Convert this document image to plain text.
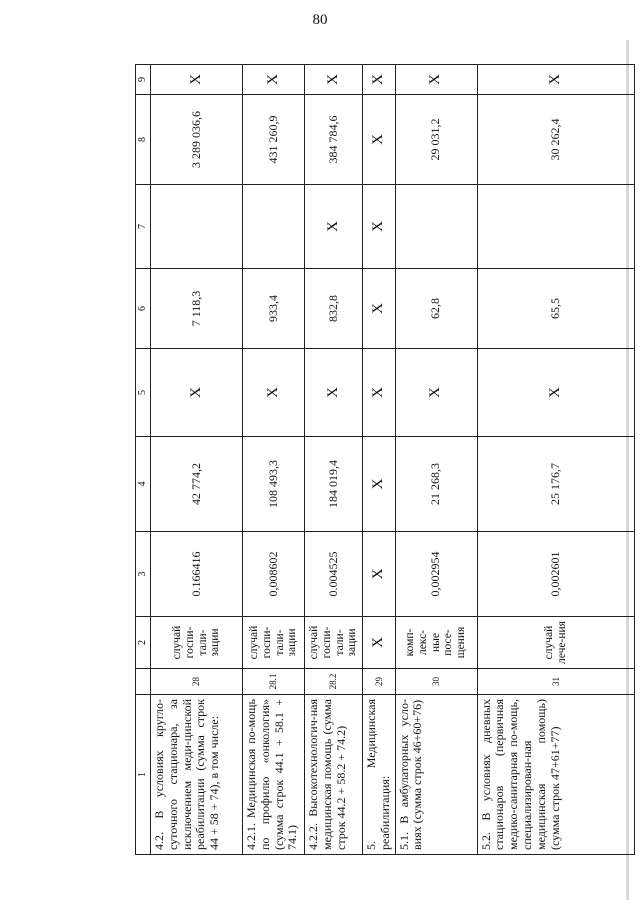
80
1		2	3	4	5	6	7	8	9
4.2. В условиях кругло-суточного стационара, за исключением меди-цинской реабилитации (сумма строк 44 + 58 + 74), в том числе:	28	случай госпи-тали-зации	0.166416	42 774,2	X	7 118,3		3 289 036,6	X
4.2.1. Медицинская по-мощь по профилю «онкология» (сумма строк 44.1 + 58.1 + 74.1)	28.1	случай госпи-тали-зации	0,008602	108 493,3	X	933,4		431 260,9	X
4.2.2. Высокотехнологич-ная медицинская помощь (сумма строк 44.2 + 58.2 + 74.2)	28.2	случай госпи-тали-зации	0.004525	184 019,4	X	832,8	X	384 784,6	X
5. Медицинская реабилитация:	29	X	X	X	X	X	X	X	X
5.1. В амбулаторных усло-виях (сумма строк 46+60+76)	30	комп-лекс-ные посе-щения	0,002954	21 268,3	X	62,8		29 031,2	X
5.2. В условиях дневных стационаров (первичная медико-санитарная по-мощь, специализирован-ная медицинская помощь) (сумма строк 47+61+77)	31	случай лече-ния	0,002601	25 176,7	X	65,5		30 262,4	X
